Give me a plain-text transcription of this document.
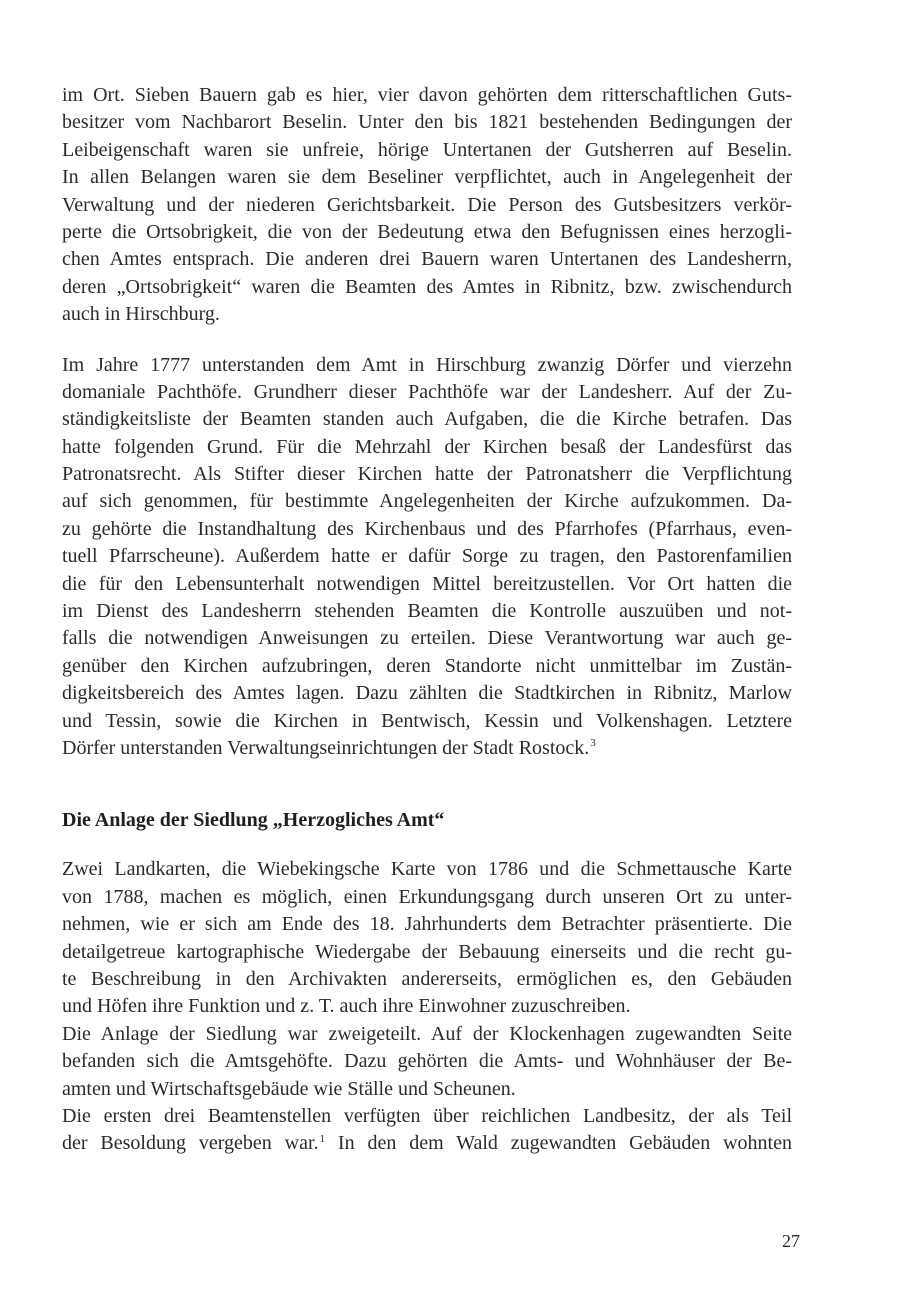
im Ort. Sieben Bauern gab es hier, vier davon gehörten dem ritterschaftlichen Guts-
besitzer vom Nachbarort Beselin. Unter den bis 1821 bestehenden Bedingungen der
Leibeigenschaft waren sie unfreie, hörige Untertanen der Gutsherren auf Beselin.
In allen Belangen waren sie dem Beseliner verpflichtet, auch in Angelegenheit der
Verwaltung und der niederen Gerichtsbarkeit. Die Person des Gutsbesitzers verkör-
perte die Ortsobrigkeit, die von der Bedeutung etwa den Befugnissen eines herzogli-
chen Amtes entsprach. Die anderen drei Bauern waren Untertanen des Landesherrn,
deren „Ortsobrigkeit“ waren die Beamten des Amtes in Ribnitz, bzw. zwischendurch
auch in Hirschburg.
Im Jahre 1777 unterstanden dem Amt in Hirschburg zwanzig Dörfer und vierzehn
domaniale Pachthöfe. Grundherr dieser Pachthöfe war der Landesherr. Auf der Zu-
ständigkeitsliste der Beamten standen auch Aufgaben, die die Kirche betrafen. Das
hatte folgenden Grund. Für die Mehrzahl der Kirchen besaß der Landesfürst das
Patronatsrecht. Als Stifter dieser Kirchen hatte der Patronatsherr die Verpflichtung
auf sich genommen, für bestimmte Angelegenheiten der Kirche aufzukommen. Da-
zu gehörte die Instandhaltung des Kirchenbaus und des Pfarrhofes (Pfarrhaus, even-
tuell Pfarrscheune). Außerdem hatte er dafür Sorge zu tragen, den Pastorenfamilien
die für den Lebensunterhalt notwendigen Mittel bereitzustellen. Vor Ort hatten die
im Dienst des Landesherrn stehenden Beamten die Kontrolle auszuüben und not-
falls die notwendigen Anweisungen zu erteilen. Diese Verantwortung war auch ge-
genüber den Kirchen aufzubringen, deren Standorte nicht unmittelbar im Zustän-
digkeitsbereich des Amtes lagen. Dazu zählten die Stadtkirchen in Ribnitz, Marlow
und Tessin, sowie die Kirchen in Bentwisch, Kessin und Volkenshagen. Letztere
Dörfer unterstanden Verwaltungseinrichtungen der Stadt Rostock.$^3$
Die Anlage der Siedlung „Herzogliches Amt“
Zwei Landkarten, die Wiebekingsche Karte von 1786 und die Schmettausche Karte
von 1788, machen es möglich, einen Erkundungsgang durch unseren Ort zu unter-
nehmen, wie er sich am Ende des 18. Jahrhunderts dem Betrachter präsentierte. Die
detailgetreue kartographische Wiedergabe der Bebauung einerseits und die recht gu-
te Beschreibung in den Archivakten andererseits, ermöglichen es, den Gebäuden
und Höfen ihre Funktion und z. T. auch ihre Einwohner zuzuschreiben.
Die Anlage der Siedlung war zweigeteilt. Auf der Klockenhagen zugewandten Seite
befanden sich die Amtsgehöfte. Dazu gehörten die Amts- und Wohnhäuser der Be-
amten und Wirtschaftsgebäude wie Ställe und Scheunen.
Die ersten drei Beamtenstellen verfügten über reichlichen Landbesitz, der als Teil
der Besoldung vergeben war.$^1$ In den dem Wald zugewandten Gebäuden wohnten
27
